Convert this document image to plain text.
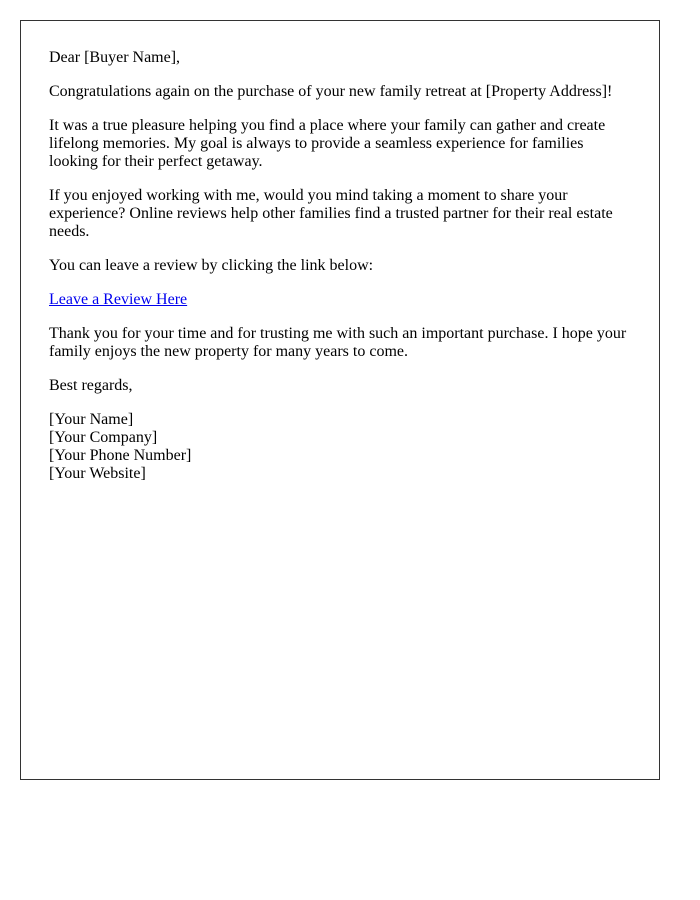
Dear [Buyer Name],

Congratulations again on the purchase of your new family retreat at [Property Address]!

It was a true pleasure helping you find a place where your family can gather and create lifelong memories. My goal is always to provide a seamless experience for families looking for their perfect getaway.

If you enjoyed working with me, would you mind taking a moment to share your experience? Online reviews help other families find a trusted partner for their real estate needs.

You can leave a review by clicking the link below:

Leave a Review Here

Thank you for your time and for trusting me with such an important purchase. I hope your family enjoys the new property for many years to come.

Best regards,

[Your Name]
[Your Company]
[Your Phone Number]
[Your Website]
